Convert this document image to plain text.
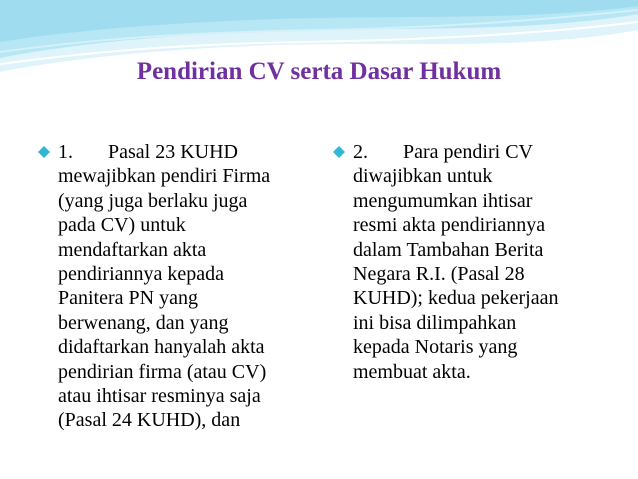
Pendirian CV serta Dasar Hukum
1. Pasal 23 KUHD
mewajibkan pendiri Firma
(yang juga berlaku juga
pada CV) untuk
mendaftarkan akta
pendiriannya kepada
Panitera PN yang
berwenang, dan yang
didaftarkan hanyalah akta
pendirian firma (atau CV)
atau ihtisar resminya saja
(Pasal 24 KUHD), dan
2. Para pendiri CV
diwajibkan untuk
mengumumkan ihtisar
resmi akta pendiriannya
dalam Tambahan Berita
Negara R.I. (Pasal 28
KUHD); kedua pekerjaan
ini bisa dilimpahkan
kepada Notaris yang
membuat akta.
